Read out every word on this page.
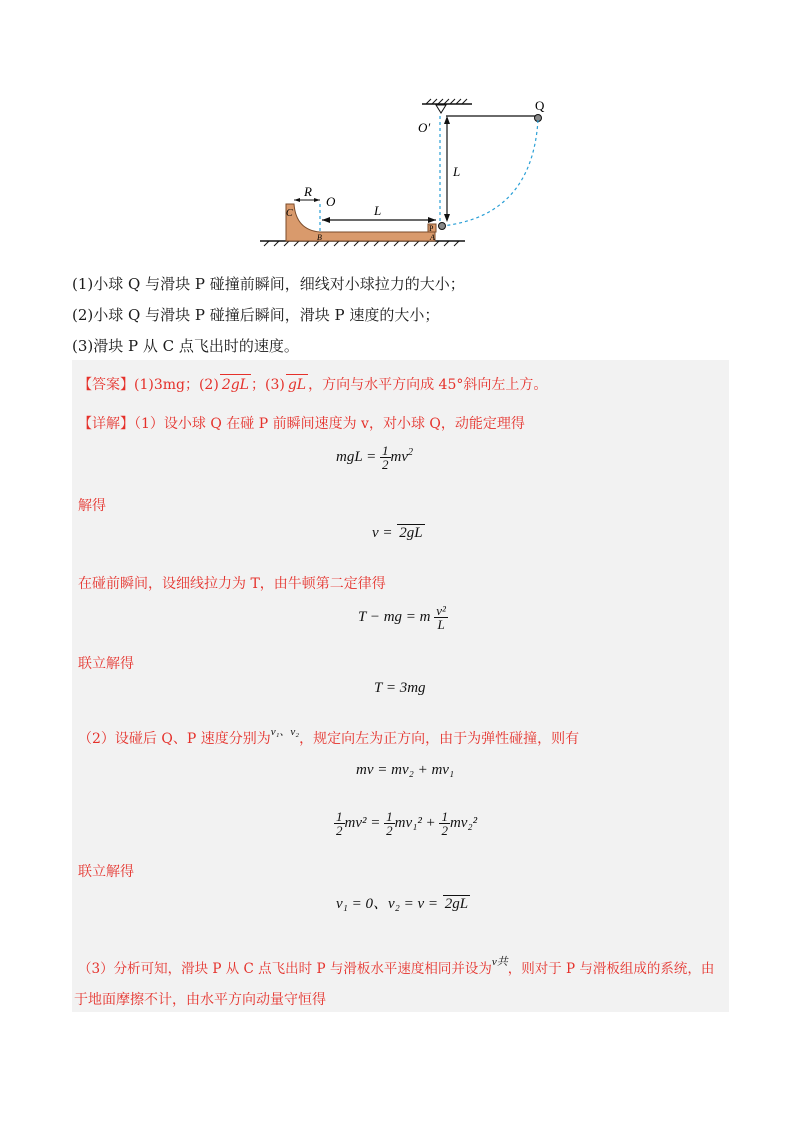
Q
O′
L
R
O
L
C
P
B	A
(1)小球 Q 与滑块 P 碰撞前瞬间，细线对小球拉力的大小；
(2)小球 Q 与滑块 P 碰撞后瞬间，滑块 P 速度的大小；
(3)滑块 P 从 C 点飞出时的速度。
【答案】(1)3mg；(2) 2gL ；(3) gL ，方向与水平方向成 45°斜向左上方。
【详解】（1）设小球 Q 在碰 P 前瞬间速度为 v，对小球 Q，动能定理得
mgL = $\frac{1}{2} mv^2$
解得
v = 2gL
在碰前瞬间，设细线拉力为 T，由牛顿第二定律得
T − mg = m $\frac{\text{v²}}{L}$
联立解得
T = 3mg
（2）设碰后 Q、P 速度分别为$^{v_1、v_2}$，规定向左为正方向，由于为弹性碰撞，则有
mv = mv₂ + mv₁
$\frac{1}{2} mv^2 = \frac{1}{2} mv_1^2 + \frac{1}{2} mv_2^2$
联立解得
v₁ = 0、v₂ = v = 2gL
（3）分析可知，滑块 P 从 C 点飞出时 P 与滑板水平速度相同并设为$^{v共}$，则对于 P 与滑板组成的系统，由
于地面摩擦不计，由水平方向动量守恒得
